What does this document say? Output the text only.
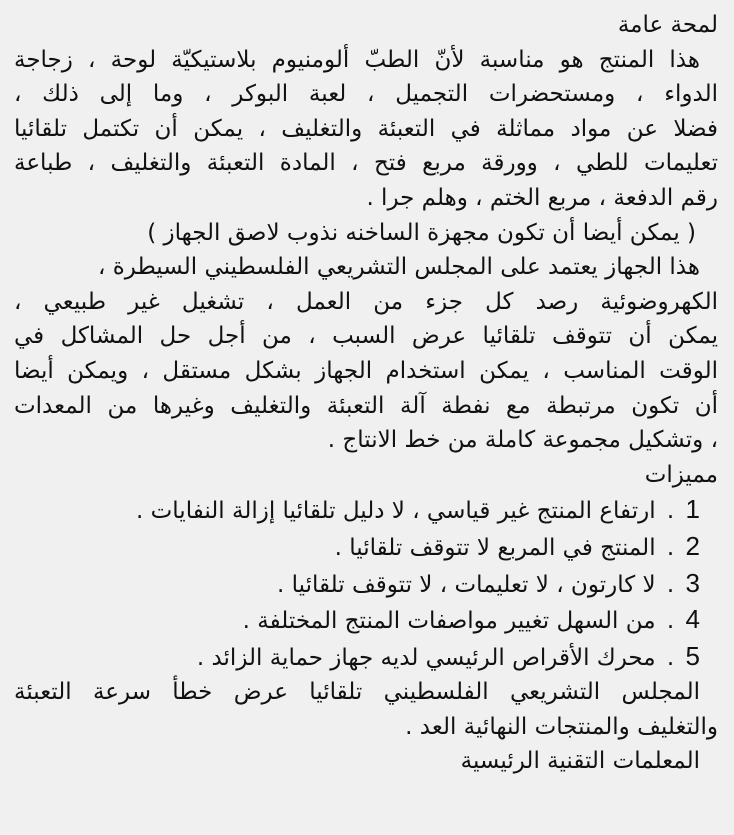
لمحة عامة
هذا المنتج هو مناسبة لأنّ الطبّ ألومنيوم بلاستيكيّة لوحة ، زجاجة
الدواء ، ومستحضرات التجميل ، لعبة البوكر ، وما إلى ذلك ،
فضلا عن مواد مماثلة في التعبئة والتغليف ، يمكن أن تكتمل تلقائيا
تعليمات للطي ، وورقة مربع فتح ، المادة التعبئة والتغليف ، طباعة
رقم الدفعة ، مربع الختم ، وهلم جرا .
( يمكن أيضا أن تكون مجهزة الساخنه نذوب لاصق الجهاز )
هذا الجهاز يعتمد على المجلس التشريعي الفلسطيني السيطرة ،
الكهروضوئية رصد كل جزء من العمل ، تشغيل غير طبيعي ،
يمكن أن تتوقف تلقائيا عرض السبب ، من أجل حل المشاكل في
الوقت المناسب ، يمكن استخدام الجهاز بشكل مستقل ، ويمكن أيضا
أن تكون مرتبطة مع نفطة آلة التعبئة والتغليف وغيرها من المعدات
، وتشكيل مجموعة كاملة من خط الانتاج .
مميزات
1 . ارتفاع المنتج غير قياسي ، لا دليل تلقائيا إزالة النفايات .
2 . المنتج في المربع لا تتوقف تلقائيا .
3 . لا كارتون ، لا تعليمات ، لا تتوقف تلقائيا .
4 . من السهل تغيير مواصفات المنتج المختلفة .
5 . محرك الأقراص الرئيسي لديه جهاز حماية الزائد .
المجلس التشريعي الفلسطيني تلقائيا عرض خطأ سرعة التعبئة
والتغليف والمنتجات النهائية العد .
المعلمات التقنية الرئيسية
